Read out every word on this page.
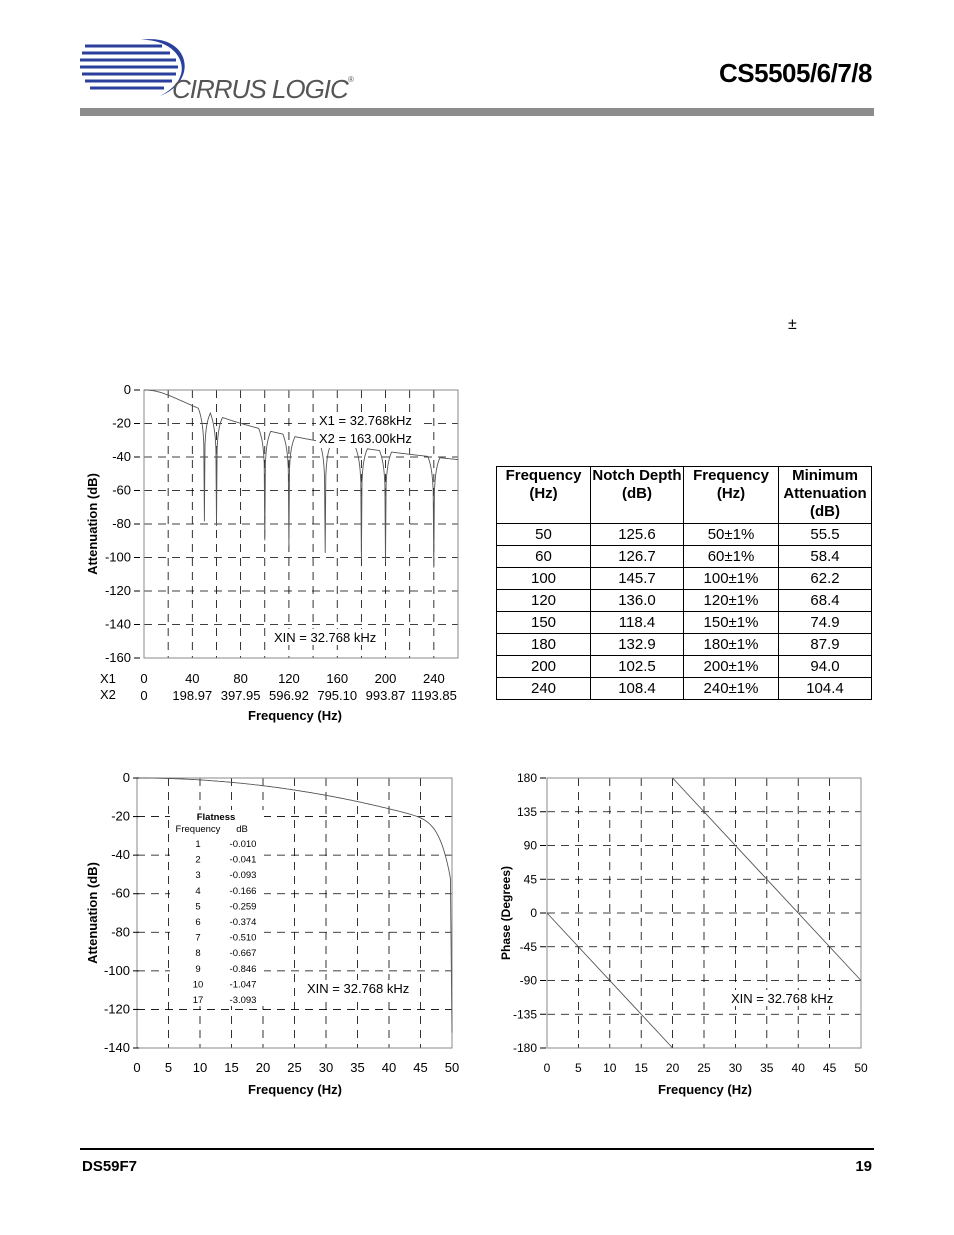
CIRRUS LOGIC ®	CS5505/6/7/8
±
0
-20
-40
-60
-80
-100
-120
-140
-160
0	40	80 120 160 200 240
0 198.97 397.95 596.92 795.10 993.87 1193.85
X1
X2
Frequency (Hz)
Attenuation (dB)
X1 = 32.768kHz
X2 = 163.00kHz
XIN = 32.768 kHz
Frequency (Hz)	Notch Depth (dB)	Frequency (Hz)	Minimum Attenuation (dB)
50	125.6	50±1%	55.5
60	126.7	60±1%	58.4
100	145.7	100±1%	62.2
120	136.0	120±1%	68.4
150	118.4	150±1%	74.9
180	132.9	180±1%	87.9
200	102.5	200±1%	94.0
240	108.4	240±1%	104.4
0
-20
-40
-60
-80
-100
-120
-140
0 5 10 15 20 25 30 35 40 45 50
Frequency (Hz)
Attenuation (dB)
Flatness
Frequency dB
1	-0.010
2	-0.041
3	-0.093
4	-0.166
5	-0.259
6	-0.374
7	-0.510
8	-0.667
9	-0.846
10	-1.047
17	-3.093
XIN = 32.768 kHz
180
135
90
45
0
-45
-90
-135
-180
0 5 10 15 20 25 30 35 40 45 50
Frequency (Hz)
Phase (Degrees)
XIN = 32.768 kHz
DS59F7	19
